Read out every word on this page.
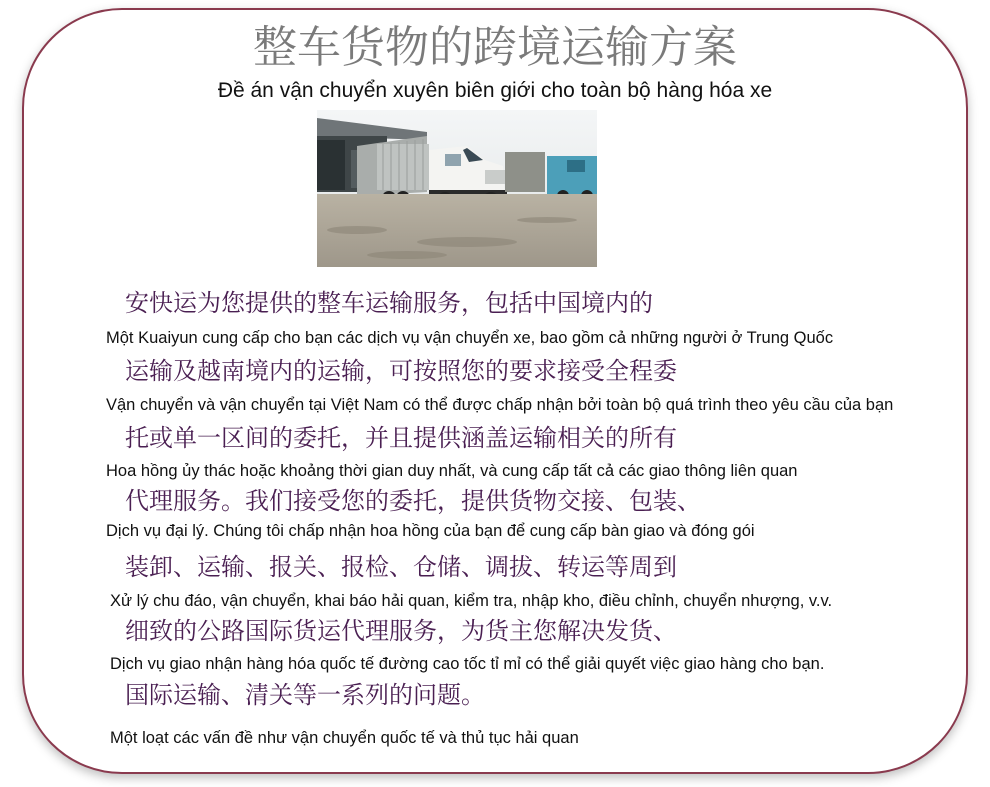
整车货物的跨境运输方案
Đề án vận chuyển xuyên biên giới cho toàn bộ hàng hóa xe
安快运为您提供的整车运输服务，包括中国境内的
Một Kuaiyun cung cấp cho bạn các dịch vụ vận chuyển xe, bao gồm cả những người ở Trung Quốc
运输及越南境内的运输，可按照您的要求接受全程委
Vận chuyển và vận chuyển tại Việt Nam có thể được chấp nhận bởi toàn bộ quá trình theo yêu cầu của bạn
托或单一区间的委托，并且提供涵盖运输相关的所有
Hoa hồng ủy thác hoặc khoảng thời gian duy nhất, và cung cấp tất cả các giao thông liên quan
代理服务。我们接受您的委托，提供货物交接、包装、
Dịch vụ đại lý. Chúng tôi chấp nhận hoa hồng của bạn để cung cấp bàn giao và đóng gói
装卸、运输、报关、报检、仓储、调拔、转运等周到
Xử lý chu đáo, vận chuyển, khai báo hải quan, kiểm tra, nhập kho, điều chỉnh, chuyển nhượng, v.v.
细致的公路国际货运代理服务，为货主您解决发货、
Dịch vụ giao nhận hàng hóa quốc tế đường cao tốc tỉ mỉ có thể giải quyết việc giao hàng cho bạn.
国际运输、清关等一系列的问题。
Một loạt các vấn đề như vận chuyển quốc tế và thủ tục hải quan
